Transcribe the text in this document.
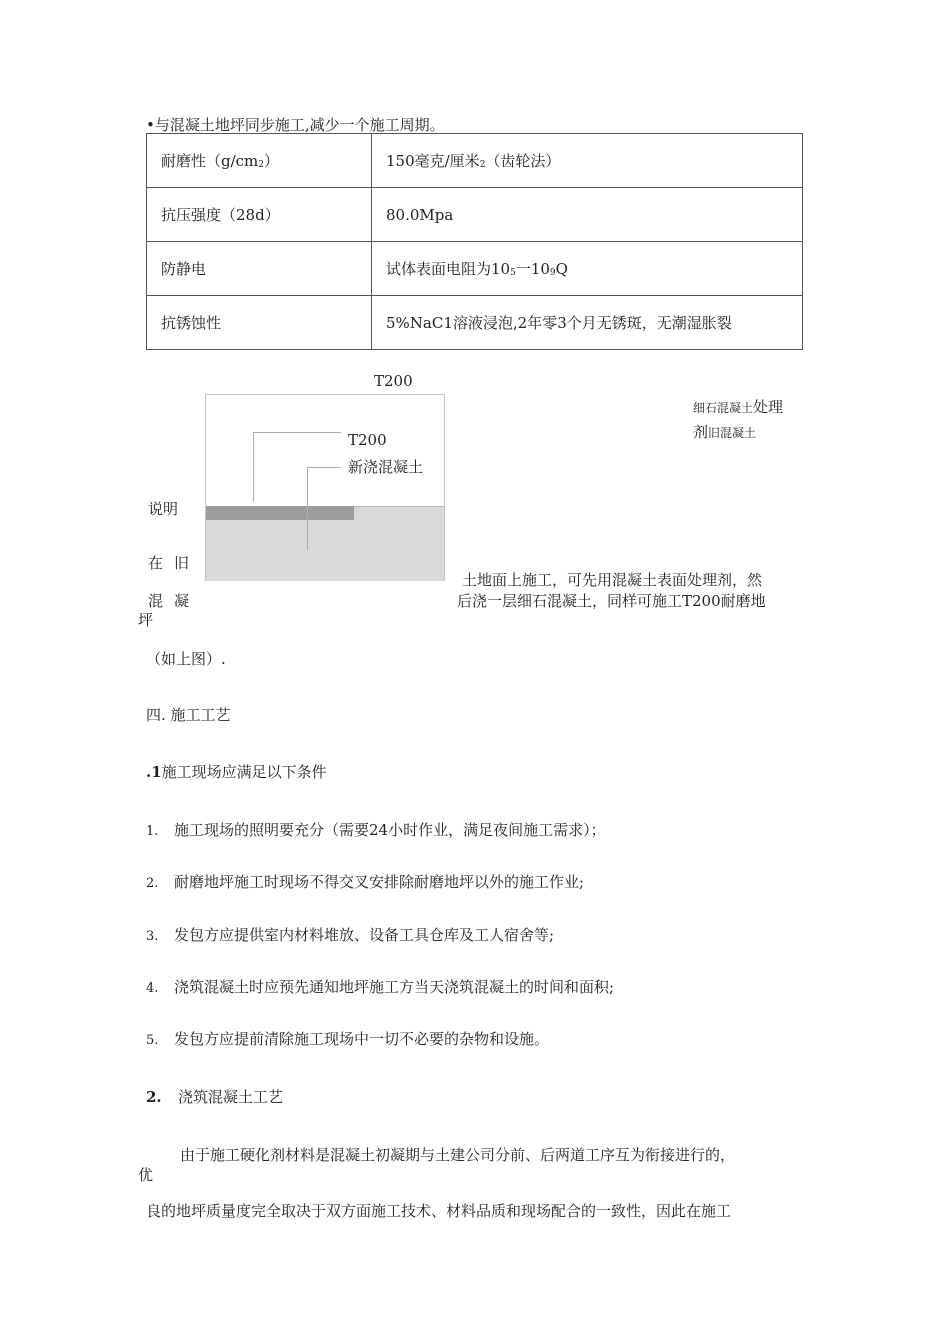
•与混凝土地坪同步施工,减少一个施工周期。
耐磨性$(g/cm_2)$	150毫克/厘米$_2$（齿轮法）
抗压强度（28d）	80.0Mpa
防静电	试体表面电阻为$10_5$一$10_9Q$
抗锈蚀性	5%NaC1溶液浸泡,2年零3个月无锈斑，无潮湿胀裂
T200
T200
新浇混凝土
细石混凝土处理
剂旧混凝土
说明
在 旧
混 凝
坪
土地面上施工，可先用混凝土表面处理剂，然
后浇一层细石混凝土，同样可施工T200耐磨地
（如上图）.
四. 施工工艺
.1施工现场应满足以下条件
1. 施工现场的照明要充分（需要24小时作业，满足夜间施工需求）；
2. 耐磨地坪施工时现场不得交叉安排除耐磨地坪以外的施工作业;
3. 发包方应提供室内材料堆放、设备工具仓库及工人宿舍等;
4. 浇筑混凝土时应预先通知地坪施工方当天浇筑混凝土的时间和面积;
5. 发包方应提前清除施工现场中一切不必要的杂物和设施。
2. 浇筑混凝土工艺
由于施工硬化剂材料是混凝土初凝期与土建公司分前、后两道工序互为衔接进行的，
优
良的地坪质量度完全取决于双方面施工技术、材料品质和现场配合的一致性，因此在施工
